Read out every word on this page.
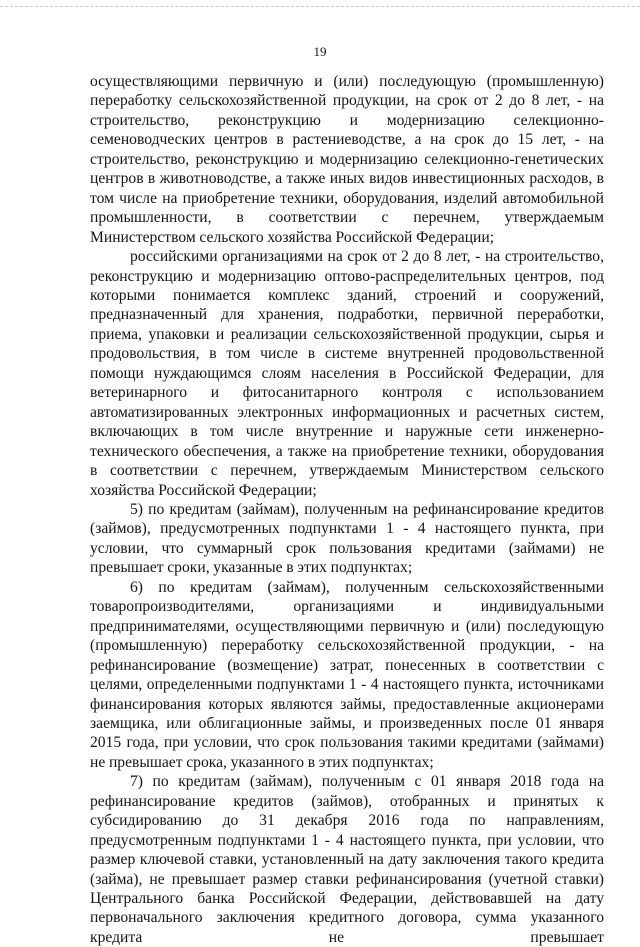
19

осуществляющими первичную и (или) последующую (промышленную) переработку сельскохозяйственной продукции, на срок от 2 до 8 лет, - на строительство, реконструкцию и модернизацию селекционно-семеноводческих центров в растениеводстве, а на срок до 15 лет, - на строительство, реконструкцию и модернизацию селекционно-генетических центров в животноводстве, а также иных видов инвестиционных расходов, в том числе на приобретение техники, оборудования, изделий автомобильной промышленности, в соответствии с перечнем, утверждаемым Министерством сельского хозяйства Российской Федерации;

российскими организациями на срок от 2 до 8 лет, - на строительство, реконструкцию и модернизацию оптово-распределительных центров, под которыми понимается комплекс зданий, строений и сооружений, предназначенный для хранения, подработки, первичной переработки, приема, упаковки и реализации сельскохозяйственной продукции, сырья и продовольствия, в том числе в системе внутренней продовольственной помощи нуждающимся слоям населения в Российской Федерации, для ветеринарного и фитосанитарного контроля с использованием автоматизированных электронных информационных и расчетных систем, включающих в том числе внутренние и наружные сети инженерно-технического обеспечения, а также на приобретение техники, оборудования в соответствии с перечнем, утверждаемым Министерством сельского хозяйства Российской Федерации;

5) по кредитам (займам), полученным на рефинансирование кредитов (займов), предусмотренных подпунктами 1 - 4 настоящего пункта, при условии, что суммарный срок пользования кредитами (займами) не превышает сроки, указанные в этих подпунктах;

6) по кредитам (займам), полученным сельскохозяйственными товаропроизводителями, организациями и индивидуальными предпринимателями, осуществляющими первичную и (или) последующую (промышленную) переработку сельскохозяйственной продукции, - на рефинансирование (возмещение) затрат, понесенных в соответствии с целями, определенными подпунктами 1 - 4 настоящего пункта, источниками финансирования которых являются займы, предоставленные акционерами заемщика, или облигационные займы, и произведенных после 01 января 2015 года, при условии, что срок пользования такими кредитами (займами) не превышает срока, указанного в этих подпунктах;

7) по кредитам (займам), полученным с 01 января 2018 года на рефинансирование кредитов (займов), отобранных и принятых к субсидированию до 31 декабря 2016 года по направлениям, предусмотренным подпунктами 1 - 4 настоящего пункта, при условии, что размер ключевой ставки, установленный на дату заключения такого кредита (займа), не превышает размер ставки рефинансирования (учетной ставки) Центрального банка Российской Федерации, действовавшей на дату первоначального заключения кредитного договора, сумма указанного кредита не превышает
